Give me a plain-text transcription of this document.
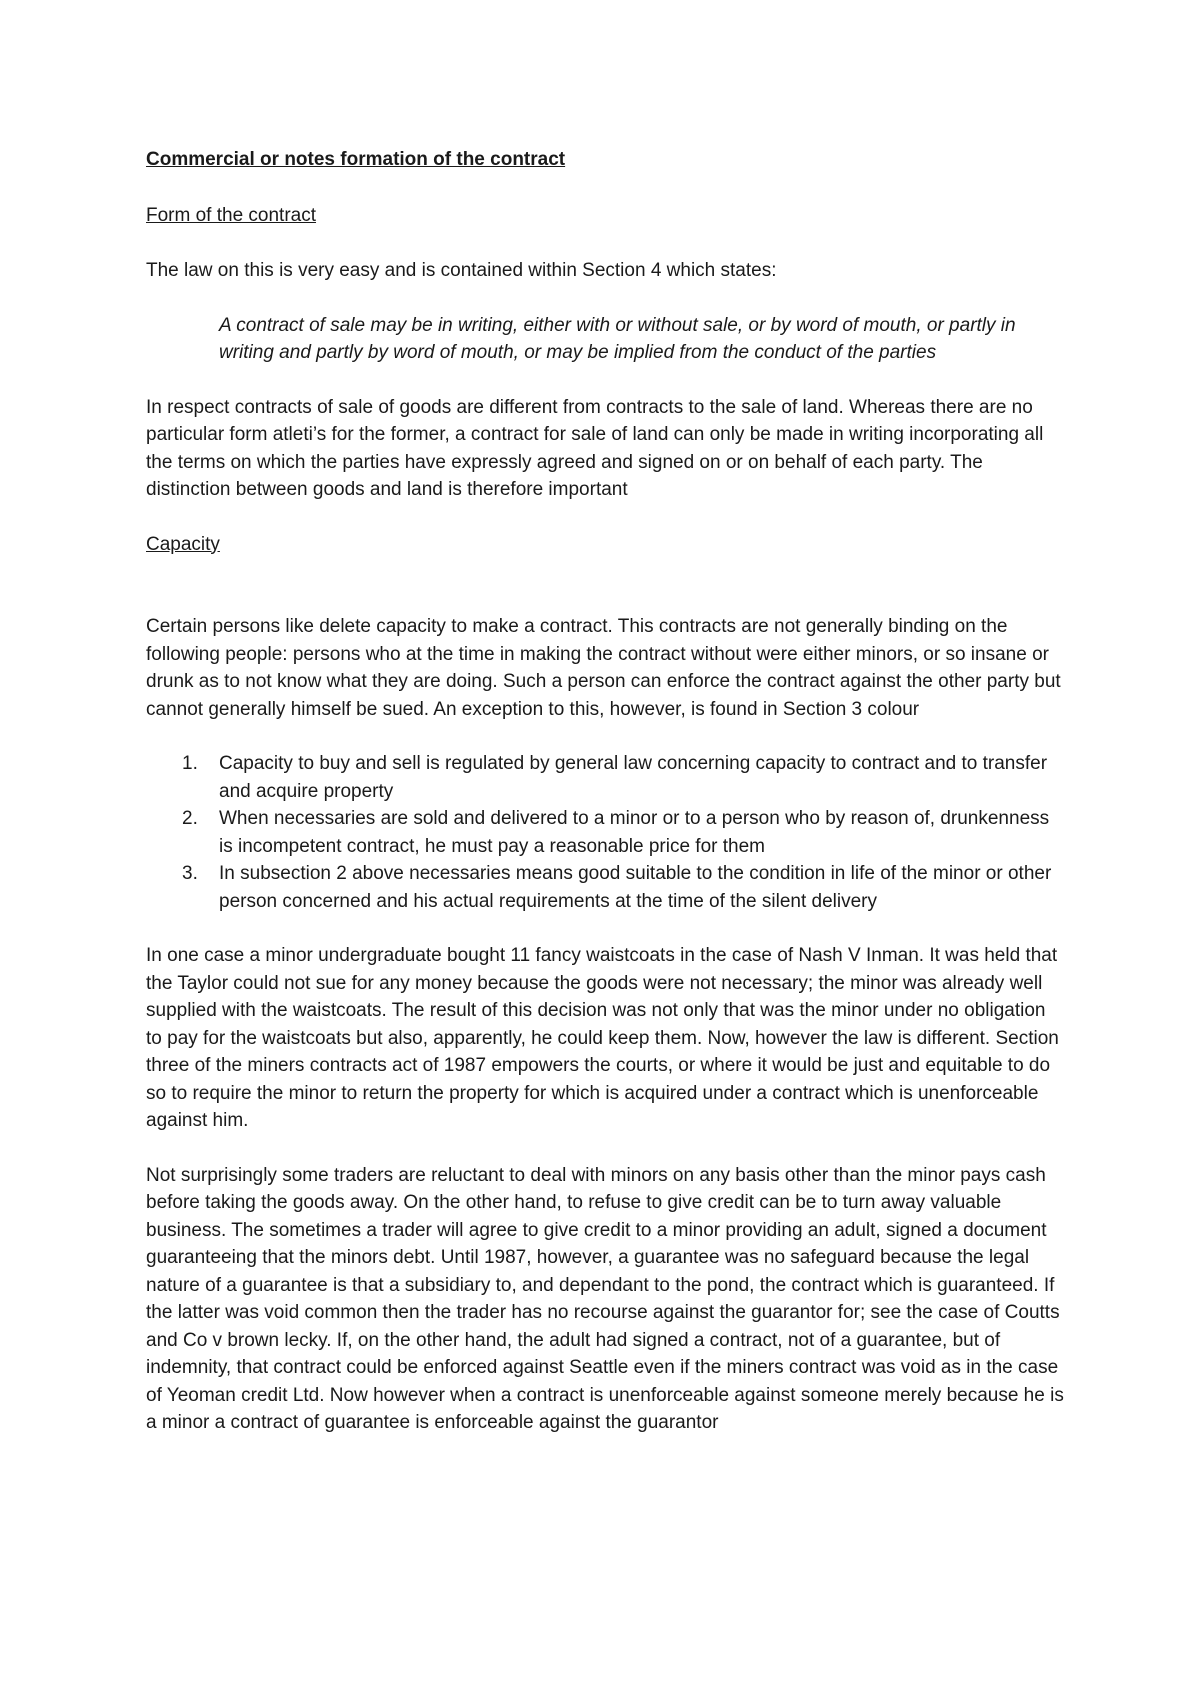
Commercial or notes formation of the contract

Form of the contract

The law on this is very easy and is contained within Section 4 which states:

A contract of sale may be in writing, either with or without sale, or by word of mouth, or partly in writing and partly by word of mouth, or may be implied from the conduct of the parties

In respect contracts of sale of goods are different from contracts to the sale of land. Whereas there are no particular form atleti’s for the former, a contract for sale of land can only be made in writing incorporating all the terms on which the parties have expressly agreed and signed on or on behalf of each party. The distinction between goods and land is therefore important

Capacity

Certain persons like delete capacity to make a contract. This contracts are not generally binding on the following people: persons who at the time in making the contract without were either minors, or so insane or drunk as to not know what they are doing. Such a person can enforce the contract against the other party but cannot generally himself be sued. An exception to this, however, is found in Section 3 colour

1. Capacity to buy and sell is regulated by general law concerning capacity to contract and to transfer and acquire property
2. When necessaries are sold and delivered to a minor or to a person who by reason of, drunkenness is incompetent contract, he must pay a reasonable price for them
3. In subsection 2 above necessaries means good suitable to the condition in life of the minor or other person concerned and his actual requirements at the time of the silent delivery

In one case a minor undergraduate bought 11 fancy waistcoats in the case of Nash V Inman. It was held that the Taylor could not sue for any money because the goods were not necessary; the minor was already well supplied with the waistcoats. The result of this decision was not only that was the minor under no obligation to pay for the waistcoats but also, apparently, he could keep them. Now, however the law is different. Section three of the miners contracts act of 1987 empowers the courts, or where it would be just and equitable to do so to require the minor to return the property for which is acquired under a contract which is unenforceable against him.

Not surprisingly some traders are reluctant to deal with minors on any basis other than the minor pays cash before taking the goods away. On the other hand, to refuse to give credit can be to turn away valuable business. The sometimes a trader will agree to give credit to a minor providing an adult, signed a document guaranteeing that the minors debt. Until 1987, however, a guarantee was no safeguard because the legal nature of a guarantee is that a subsidiary to, and dependant to the pond, the contract which is guaranteed. If the latter was void common then the trader has no recourse against the guarantor for; see the case of Coutts and Co v brown lecky. If, on the other hand, the adult had signed a contract, not of a guarantee, but of indemnity, that contract could be enforced against Seattle even if the miners contract was void as in the case of Yeoman credit Ltd. Now however when a contract is unenforceable against someone merely because he is a minor a contract of guarantee is enforceable against the guarantor
